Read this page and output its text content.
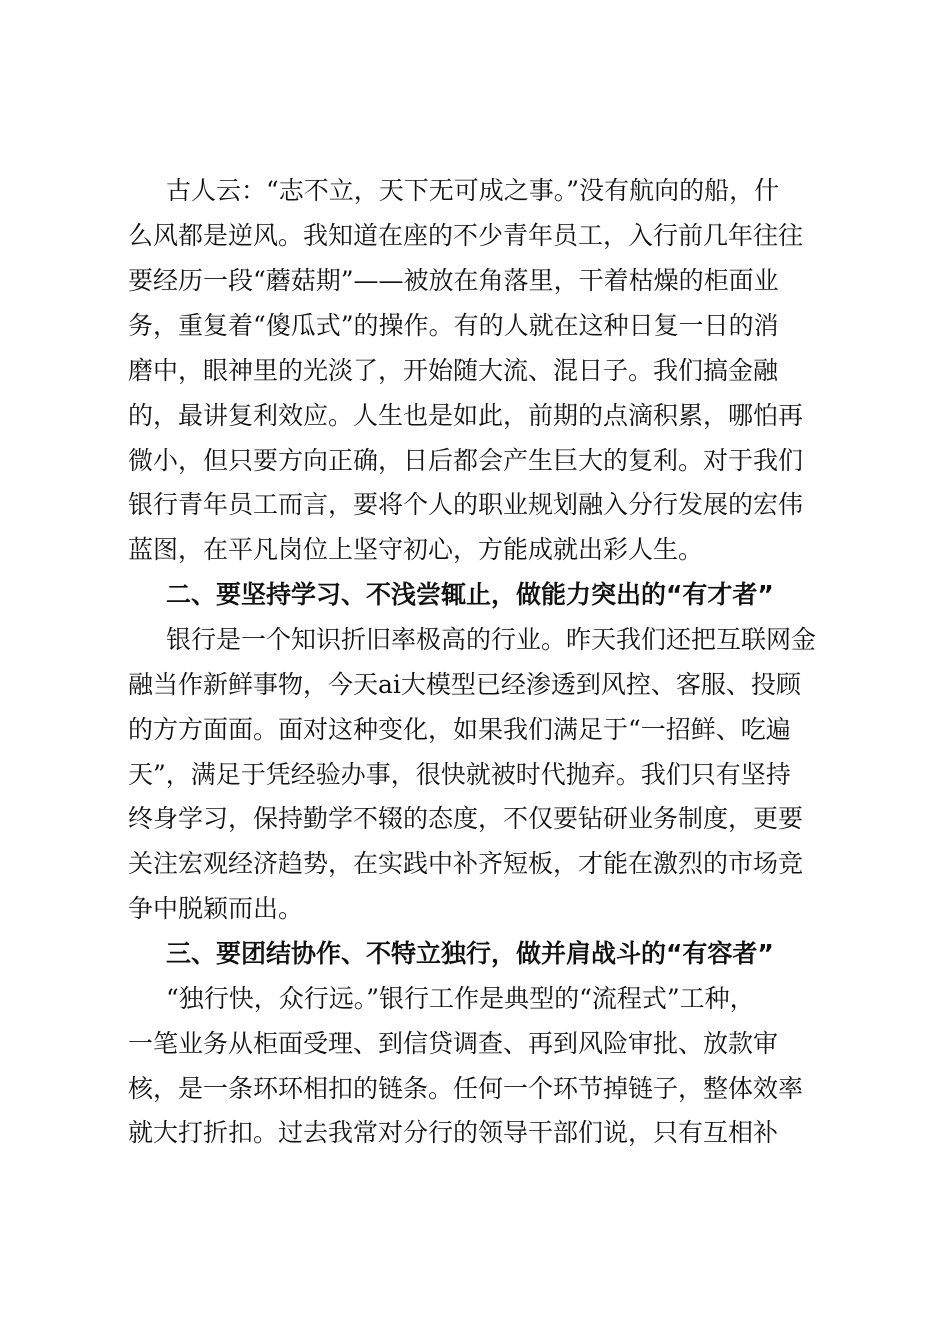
古人云：“志不立，天下无可成之事。”没有航向的船，什
么风都是逆风。我知道在座的不少青年员工，入行前几年往往
要经历一段“蘑菇期”——被放在角落里，干着枯燥的柜面业
务，重复着“傻瓜式”的操作。有的人就在这种日复一日的消
磨中，眼神里的光淡了，开始随大流、混日子。我们搞金融
的，最讲复利效应。人生也是如此，前期的点滴积累，哪怕再
微小，但只要方向正确，日后都会产生巨大的复利。对于我们
银行青年员工而言，要将个人的职业规划融入分行发展的宏伟
蓝图，在平凡岗位上坚守初心，方能成就出彩人生。
二、要坚持学习、不浅尝辄止，做能力突出的“有才者”
银行是一个知识折旧率极高的行业。昨天我们还把互联网金
融当作新鲜事物，今天ai大模型已经渗透到风控、客服、投顾
的方方面面。面对这种变化，如果我们满足于“一招鲜、吃遍
天”，满足于凭经验办事，很快就被时代抛弃。我们只有坚持
终身学习，保持勤学不辍的态度，不仅要钻研业务制度，更要
关注宏观经济趋势，在实践中补齐短板，才能在激烈的市场竞
争中脱颖而出。
三、要团结协作、不特立独行，做并肩战斗的“有容者”
“独行快，众行远。”银行工作是典型的“流程式”工种，
一笔业务从柜面受理、到信贷调查、再到风险审批、放款审
核，是一条环环相扣的链条。任何一个环节掉链子，整体效率
就大打折扣。过去我常对分行的领导干部们说，只有互相补
